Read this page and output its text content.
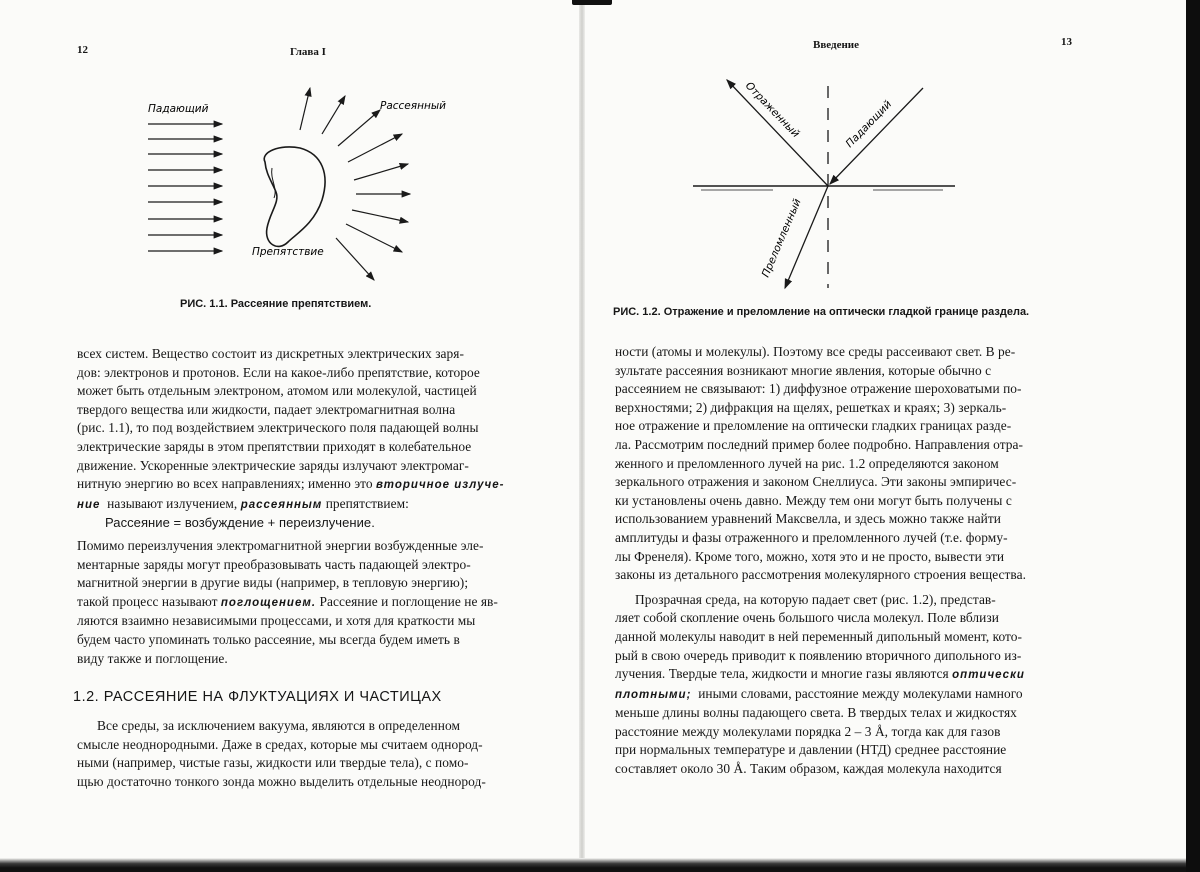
12	Глава I
Падающий	Рассеянный
Препятствие
РИС. 1.1. Рассеяние препятствием.

всех систем. Вещество состоит из дискретных электрических заря-
дов: электронов и протонов. Если на какое-либо препятствие, которое
может быть отдельным электроном, атомом или молекулой, частицей
твердого вещества или жидкости, падает электромагнитная волна
(рис. 1.1), то под воздействием электрического поля падающей волны
электрические заряды в этом препятствии приходят в колебательное
движение. Ускоренные электрические заряды излучают электромаг-
нитную энергию во всех направлениях; именно это вторичное излуче-
ние называют излучением, рассеянным препятствием:
Рассеяние = возбуждение + переизлучение.

Помимо переизлучения электромагнитной энергии возбужденные эле-
ментарные заряды могут преобразовывать часть падающей электро-
магнитной энергии в другие виды (например, в тепловую энергию);
такой процесс называют поглощением. Рассеяние и поглощение не яв-
ляются взаимно независимыми процессами, и хотя для краткости мы
будем часто упоминать только рассеяние, мы всегда будем иметь в
виду также и поглощение.

1.2. РАССЕЯНИЕ НА ФЛУКТУАЦИЯХ И ЧАСТИЦАХ

Все среды, за исключением вакуума, являются в определенном
смысле неоднородными. Даже в средах, которые мы считаем однород-
ными (например, чистые газы, жидкости или твердые тела), с помо-
щью достаточно тонкого зонда можно выделить отдельные неоднород-

Введение	13
Отраженный	Падающий
Преломленный
РИС. 1.2. Отражение и преломление на оптически гладкой границе раздела.

ности (атомы и молекулы). Поэтому все среды рассеивают свет. В ре-
зультате рассеяния возникают многие явления, которые обычно с
рассеянием не связывают: 1) диффузное отражение шероховатыми по-
верхностями; 2) дифракция на щелях, решетках и краях; 3) зеркаль-
ное отражение и преломление на оптически гладких границах разде-
ла. Рассмотрим последний пример более подробно. Направления отра-
женного и преломленного лучей на рис. 1.2 определяются законом
зеркального отражения и законом Снеллиуса. Эти законы эмпиричес-
ки установлены очень давно. Между тем они могут быть получены с
использованием уравнений Максвелла, и здесь можно также найти
амплитуды и фазы отраженного и преломленного лучей (т.е. форму-
лы Френеля). Кроме того, можно, хотя это и не просто, вывести эти
законы из детального рассмотрения молекулярного строения вещества.

Прозрачная среда, на которую падает свет (рис. 1.2), представ-
ляет собой скопление очень большого числа молекул. Поле вблизи
данной молекулы наводит в ней переменный дипольный момент, кото-
рый в свою очередь приводит к появлению вторичного дипольного из-
лучения. Твердые тела, жидкости и многие газы являются оптически
плотными; иными словами, расстояние между молекулами намного
меньше длины волны падающего света. В твердых телах и жидкостях
расстояние между молекулами порядка 2 – 3 Å, тогда как для газов
при нормальных температуре и давлении (НТД) среднее расстояние
составляет около 30 Å. Таким образом, каждая молекула находится
